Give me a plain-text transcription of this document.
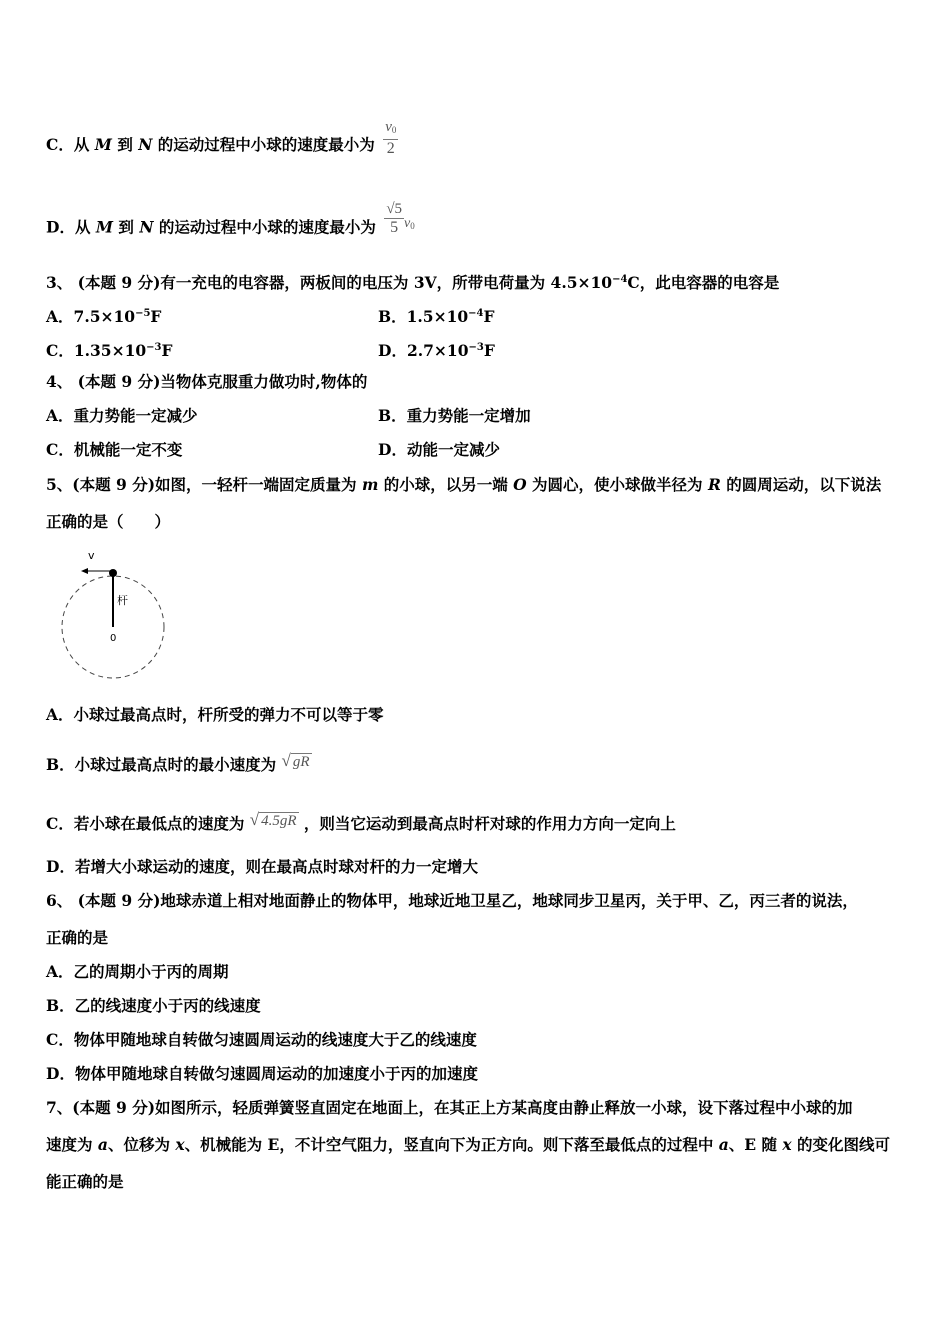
C．从 M 到 N 的运动过程中小球的速度最小为 $\frac{v_0}{2}$
D．从 M 到 N 的运动过程中小球的速度最小为 $\frac{√5}{5} v_0$
3、 (本题 9 分)有一充电的电容器，两板间的电压为 3V，所带电荷量为 $4.5\times 10^{-4}C$，此电容器的电容是
A．$7.5\times 10^{-5}F$	B．$1.5\times 10^{-4}F$
C．$1.35\times 10^{-3}F$	D．$2.7\times 10^{-3}F$
4、 (本题 9 分)当物体克服重力做功时,物体的
A．重力势能一定减少	B．重力势能一定增加
C．机械能一定不变	D．动能一定减少
5、(本题 9 分)如图，一轻杆一端固定质量为 m 的小球，以另一端 O 为圆心，使小球做半径为 R 的圆周运动，以下说法
正确的是（　　）
v
杆
0
A．小球过最高点时，杆所受的弹力不可以等于零
B．小球过最高点时的最小速度为 √ gR
C．若小球在最低点的速度为 √ 4.5gR ，则当它运动到最高点时杆对球的作用力方向一定向上
D．若增大小球运动的速度，则在最高点时球对杆的力一定增大
6、 (本题 9 分)地球赤道上相对地面静止的物体甲，地球近地卫星乙，地球同步卫星丙，关于甲、乙，丙三者的说法，
正确的是
A．乙的周期小于丙的周期
B．乙的线速度小于丙的线速度
C．物体甲随地球自转做匀速圆周运动的线速度大于乙的线速度
D．物体甲随地球自转做匀速圆周运动的加速度小于丙的加速度
7、(本题 9 分)如图所示，轻质弹簧竖直固定在地面上，在其正上方某高度由静止释放一小球，设下落过程中小球的加
速度为 a、位移为 x、机械能为 E，不计空气阻力，竖直向下为正方向。则下落至最低点的过程中 a、E 随 x 的变化图线可
能正确的是
